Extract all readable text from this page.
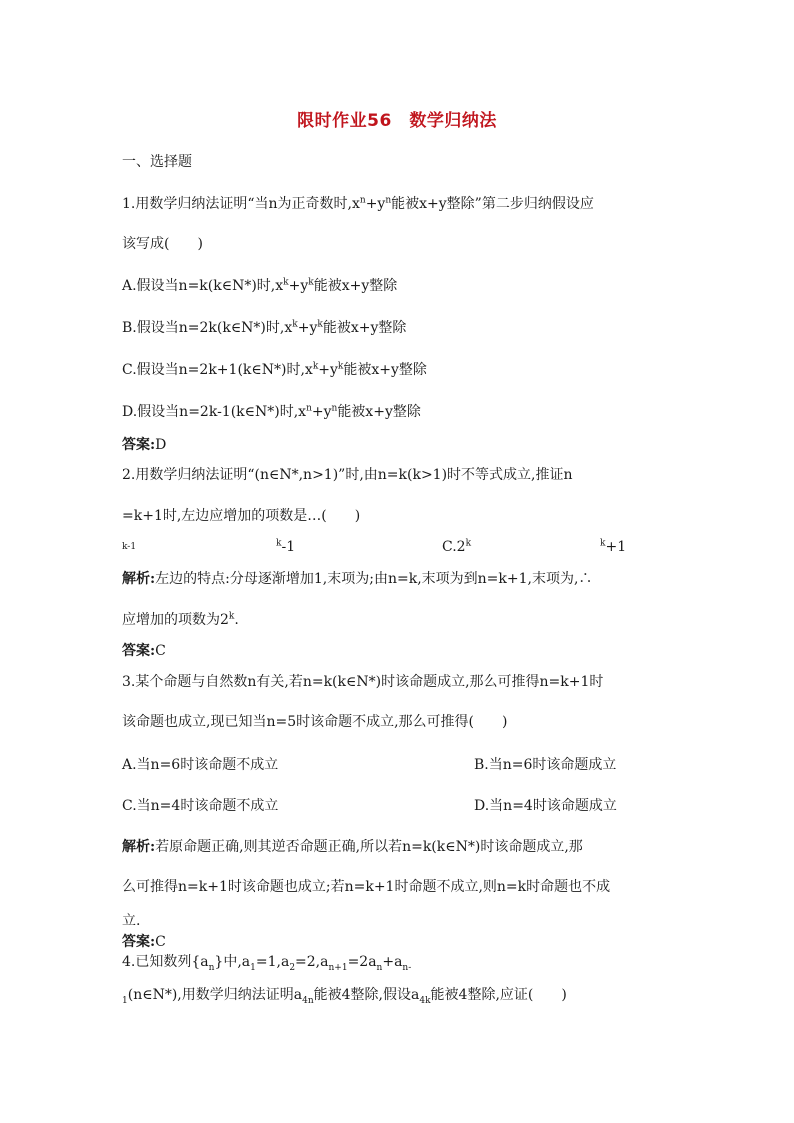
限时作业56　数学归纳法
一、选择题
1.用数学归纳法证明“当n为正奇数时$,x^n+y^n$能被x+y整除”第二步归纳假设应
该写成(　　)
A.假设当n=k(k∈N*)时$,x^k+y^k$能被x+y整除
B.假设当n=2k(k∈N*)时$,x^k+y^k$能被x+y整除
C.假设当n=2k+1(k∈N*)时$,x^k+y^k$能被x+y整除
D.假设当n=2k-1(k∈N*)时$,x^n+y^n$能被x+y整除
答案:D
2.用数学归纳法证明“(n∈N*,n>1)”时,由n=k(k>1)时不等式成立,推证n
=k+1时,左边应增加的项数是…(　　)
k-1	$^k$-1	C.2$^k$	$^k$+1
解析:左边的特点:分母逐渐增加1,末项为;由n=k,末项为到n=k+1,末项为,∴
应增加的项数为2$^k$.
答案:C
3.某个命题与自然数n有关,若n=k(k∈N*)时该命题成立,那么可推得n=k+1时
该命题也成立,现已知当n=5时该命题不成立,那么可推得(　　)
A.当n=6时该命题不成立	B.当n=6时该命题成立
C.当n=4时该命题不成立	D.当n=4时该命题成立
解析:若原命题正确,则其逆否命题正确,所以若n=k(k∈N*)时该命题成立,那
么可推得n=k+1时该命题也成立;若n=k+1时命题不成立,则n=k时命题也不成
立.
答案:C
4.已知数列$\{a_n\}$中$,a_1=1,a_2=2,a_{n+1}=2a_n+a_{n-}$
$_1$(n∈N*),用数学归纳法证明$a_{4n}$能被4整除,假设$a_{4k}$能被4整除,应证(　　)
